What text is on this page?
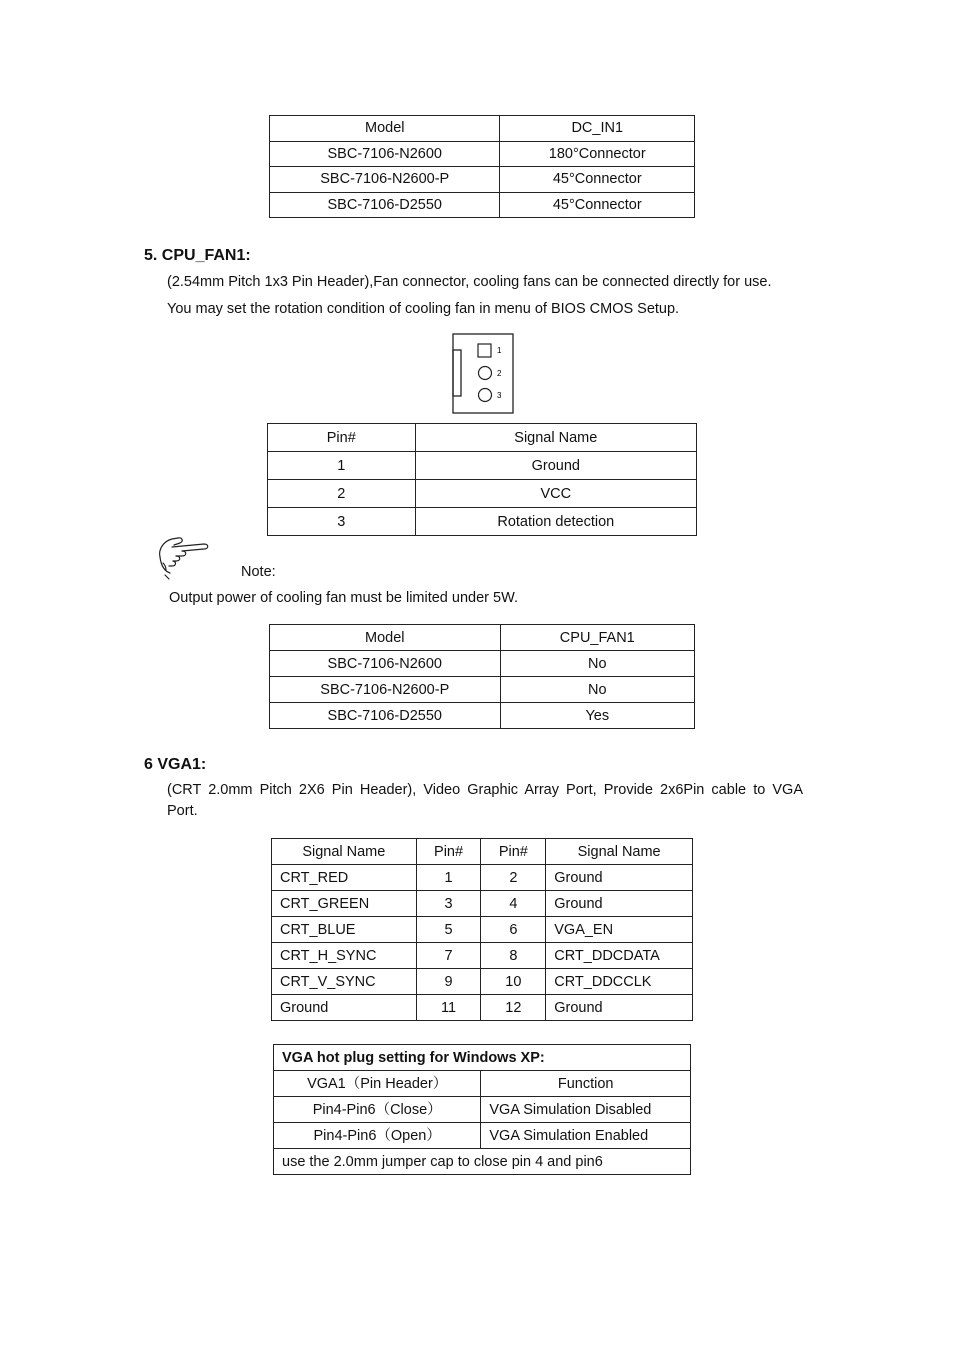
Model	DC_IN1
SBC-7106-N2600	180°Connector
SBC-7106-N2600-P	45°Connector
SBC-7106-D2550	45°Connector
5. CPU_FAN1:
(2.54mm Pitch 1x3 Pin Header),Fan connector, cooling fans can be connected directly for use.
You may set the rotation condition of cooling fan in menu of BIOS CMOS Setup.
1
2
3
Pin#	Signal Name
1	Ground
2	VCC
3	Rotation detection
Note:
Output power of cooling fan must be limited under 5W.
Model	CPU_FAN1
SBC-7106-N2600	No
SBC-7106-N2600-P	No
SBC-7106-D2550	Yes
6 VGA1:
(CRT 2.0mm Pitch 2X6 Pin Header), Video Graphic Array Port, Provide 2x6Pin cable to VGA
Port.
Signal Name	Pin#	Pin#	Signal Name
CRT_RED	1	2	Ground
CRT_GREEN	3	4	Ground
CRT_BLUE	5	6	VGA_EN
CRT_H_SYNC	7	8	CRT_DDCDATA
CRT_V_SYNC	9	10	CRT_DDCCLK
Ground	11	12	Ground
VGA hot plug setting for Windows XP:	
VGA1（Pin Header）	Function
Pin4-Pin6（Close）	VGA Simulation Disabled
Pin4-Pin6（Open）	VGA Simulation Enabled
use the 2.0mm jumper cap to close pin 4 and pin6	
